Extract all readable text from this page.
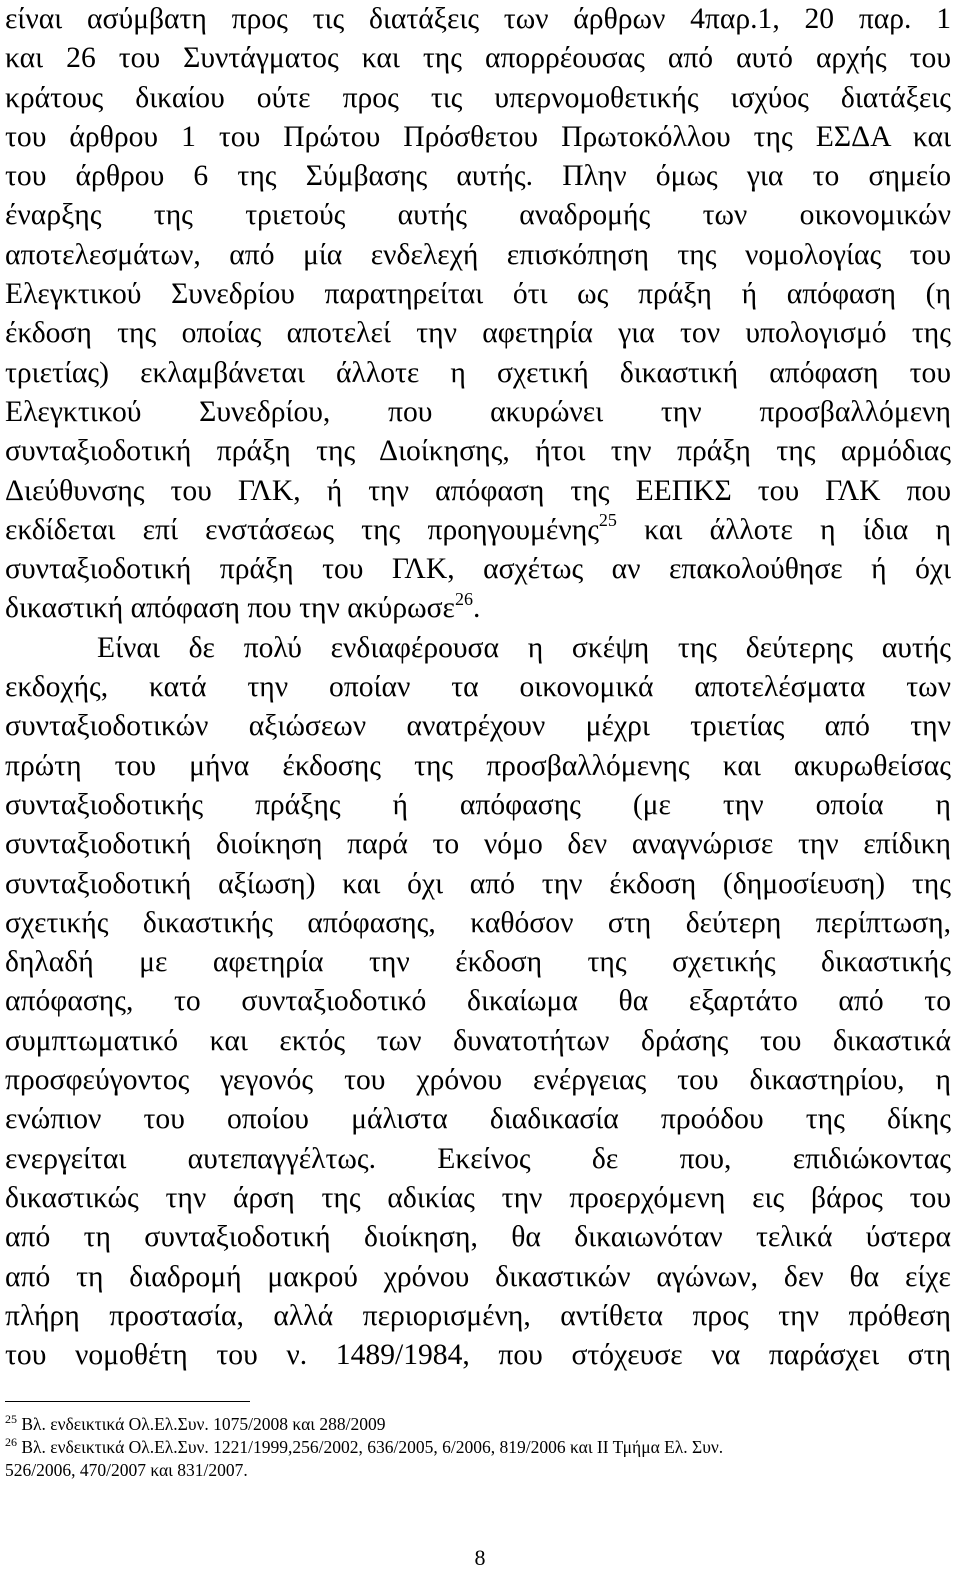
είναι ασύμβατη προς τις διατάξεις των άρθρων 4παρ.1, 20 παρ. 1
και 26 του Συντάγματος και της απορρέουσας από αυτό αρχής του
κράτους δικαίου ούτε προς τις υπερνομοθετικής ισχύος διατάξεις
του άρθρου 1 του Πρώτου Πρόσθετου Πρωτοκόλλου της ΕΣΔΑ και
του άρθρου 6 της Σύμβασης αυτής. Πλην όμως για το σημείο
έναρξης της τριετούς αυτής αναδρομής των οικονομικών
αποτελεσμάτων, από μία ενδελεχή επισκόπηση της νομολογίας του
Ελεγκτικού Συνεδρίου παρατηρείται ότι ως πράξη ή απόφαση (η
έκδοση της οποίας αποτελεί την αφετηρία για τον υπολογισμό της
τριετίας) εκλαμβάνεται άλλοτε η σχετική δικαστική απόφαση του
Ελεγκτικού Συνεδρίου, που ακυρώνει την προσβαλλόμενη
συνταξιοδοτική πράξη της Διοίκησης, ήτοι την πράξη της αρμόδιας
Διεύθυνσης του ΓΛΚ, ή την απόφαση της ΕΕΠΚΣ του ΓΛΚ που
εκδίδεται επί ενστάσεως της προηγουμένης$^{25}$ και άλλοτε η ίδια η
συνταξιοδοτική πράξη του ΓΛΚ, ασχέτως αν επακολούθησε ή όχι
δικαστική απόφαση που την ακύρωσε$^{26}$.
Είναι δε πολύ ενδιαφέρουσα η σκέψη της δεύτερης αυτής
εκδοχής, κατά την οποίαν τα οικονομικά αποτελέσματα των
συνταξιοδοτικών αξιώσεων ανατρέχουν μέχρι τριετίας από την
πρώτη του μήνα έκδοσης της προσβαλλόμενης και ακυρωθείσας
συνταξιοδοτικής πράξης ή απόφασης (με την οποία η
συνταξιοδοτική διοίκηση παρά το νόμο δεν αναγνώρισε την επίδικη
συνταξιοδοτική αξίωση) και όχι από την έκδοση (δημοσίευση) της
σχετικής δικαστικής απόφασης, καθόσον στη δεύτερη περίπτωση,
δηλαδή με αφετηρία την έκδοση της σχετικής δικαστικής
απόφασης, το συνταξιοδοτικό δικαίωμα θα εξαρτάτο από το
συμπτωματικό και εκτός των δυνατοτήτων δράσης του δικαστικά
προσφεύγοντος γεγονός του χρόνου ενέργειας του δικαστηρίου, η
ενώπιον του οποίου μάλιστα διαδικασία προόδου της δίκης
ενεργείται αυτεπαγγέλτως. Εκείνος δε που, επιδιώκοντας
δικαστικώς την άρση της αδικίας την προερχόμενη εις βάρος του
από τη συνταξιοδοτική διοίκηση, θα δικαιωνόταν τελικά ύστερα
από τη διαδρομή μακρού χρόνου δικαστικών αγώνων, δεν θα είχε
πλήρη προστασία, αλλά περιορισμένη, αντίθετα προς την πρόθεση
του νομοθέτη του ν. 1489/1984, που στόχευσε να παράσχει στη
$^{25}$ Βλ. ενδεικτικά Ολ.Ελ.Συν. 1075/2008 και 288/2009
$^{26}$ Βλ. ενδεικτικά Ολ.Ελ.Συν. 1221/1999,256/2002, 636/2005, 6/2006, 819/2006 και ΙΙ Τμήμα Ελ. Συν.
526/2006, 470/2007 και 831/2007.
8
